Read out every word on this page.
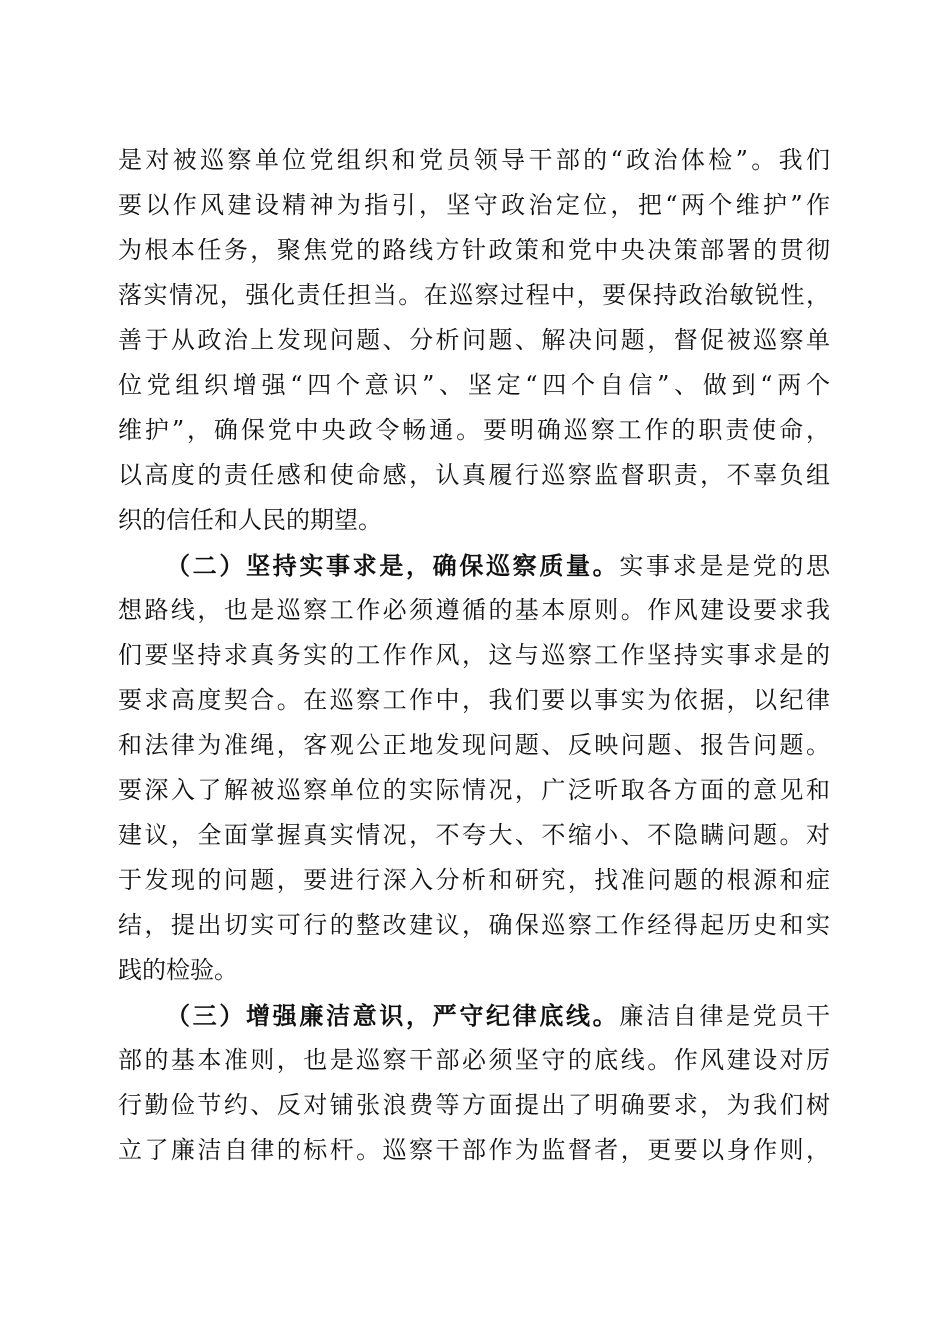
是对被巡察单位党组织和党员领导干部的“政治体检”。我们
要以作风建设精神为指引，坚守政治定位，把“两个维护”作
为根本任务，聚焦党的路线方针政策和党中央决策部署的贯彻
落实情况，强化责任担当。在巡察过程中，要保持政治敏锐性，
善于从政治上发现问题、分析问题、解决问题，督促被巡察单
位党组织增强“四个意识”、坚定“四个自信”、做到“两个
维护”，确保党中央政令畅通。要明确巡察工作的职责使命，
以高度的责任感和使命感，认真履行巡察监督职责，不辜负组
织的信任和人民的期望。
（二）坚持实事求是，确保巡察质量。实事求是是党的思
想路线，也是巡察工作必须遵循的基本原则。作风建设要求我
们要坚持求真务实的工作作风，这与巡察工作坚持实事求是的
要求高度契合。在巡察工作中，我们要以事实为依据，以纪律
和法律为准绳，客观公正地发现问题、反映问题、报告问题。
要深入了解被巡察单位的实际情况，广泛听取各方面的意见和
建议，全面掌握真实情况，不夸大、不缩小、不隐瞒问题。对
于发现的问题，要进行深入分析和研究，找准问题的根源和症
结，提出切实可行的整改建议，确保巡察工作经得起历史和实
践的检验。
（三）增强廉洁意识，严守纪律底线。廉洁自律是党员干
部的基本准则，也是巡察干部必须坚守的底线。作风建设对厉
行勤俭节约、反对铺张浪费等方面提出了明确要求，为我们树
立了廉洁自律的标杆。巡察干部作为监督者，更要以身作则，
